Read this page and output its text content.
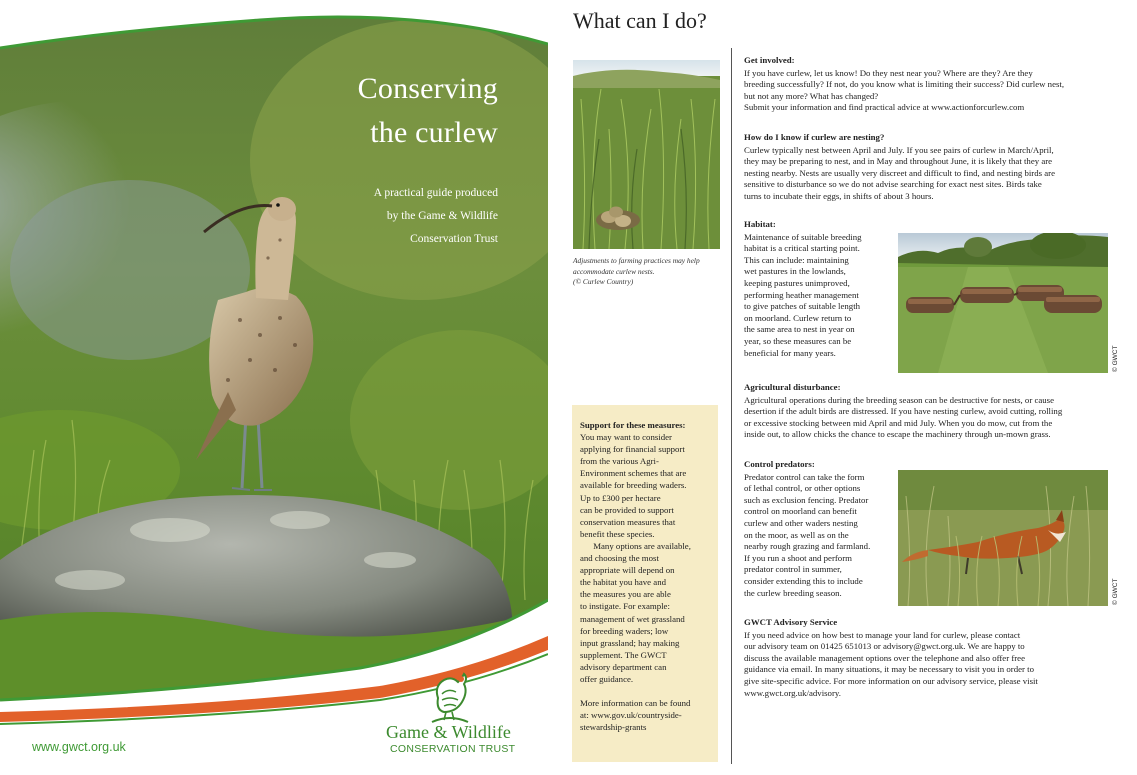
Conserving
the curlew
A practical guide produced
by the Game & Wildlife
Conservation Trust
www.gwct.org.uk
Game & Wildlife
CONSERVATION TRUST
What can I do?
Adjustments to farming practices may help
accommodate curlew nests.
(© Curlew Country)
Support for these measures:
You may want to consider
applying for financial support
from the various Agri-
Environment schemes that are
available for breeding waders.
Up to £300 per hectare
can be provided to support
conservation measures that
benefit these species.
Many options are available,
and choosing the most
appropriate will depend on
the habitat you have and
the measures you are able
to instigate. For example:
management of wet grassland
for breeding waders; low
input grassland; hay making
supplement. The GWCT
advisory department can
offer guidance.
More information can be found
at: www.gov.uk/countryside-
stewardship-grants
Get involved:
If you have curlew, let us know! Do they nest near you? Where are they? Are they
breeding successfully? If not, do you know what is limiting their success? Did curlew nest,
but not any more? What has changed?
Submit your information and find practical advice at www.actionforcurlew.com
How do I know if curlew are nesting?
Curlew typically nest between April and July. If you see pairs of curlew in March/April,
they may be preparing to nest, and in May and throughout June, it is likely that they are
nesting nearby. Nests are usually very discreet and difficult to find, and nesting birds are
sensitive to disturbance so we do not advise searching for exact nest sites. Birds take
turns to incubate their eggs, in shifts of about 3 hours.
Habitat:
Maintenance of suitable breeding
habitat is a critical starting point.
This can include: maintaining
wet pastures in the lowlands,
keeping pastures unimproved,
performing heather management
to give patches of suitable length
on moorland. Curlew return to
the same area to nest in year on
year, so these measures can be
beneficial for many years.	© GWCT
Agricultural disturbance:
Agricultural operations during the breeding season can be destructive for nests, or cause
desertion if the adult birds are distressed. If you have nesting curlew, avoid cutting, rolling
or excessive stocking between mid April and mid July. When you do mow, cut from the
inside out, to allow chicks the chance to escape the machinery through un-mown grass.
Control predators:
Predator control can take the form
of lethal control, or other options
such as exclusion fencing. Predator
control on moorland can benefit
curlew and other waders nesting
on the moor, as well as on the
nearby rough grazing and farmland.
If you run a shoot and perform
predator control in summer,
consider extending this to include
the curlew breeding season.	© GWCT
GWCT Advisory Service
If you need advice on how best to manage your land for curlew, please contact
our advisory team on 01425 651013 or advisory@gwct.org.uk. We are happy to
discuss the available management options over the telephone and also offer free
guidance via email. In many situations, it may be necessary to visit you in order to
give site-specific advice. For more information on our advisory service, please visit
www.gwct.org.uk/advisory.
